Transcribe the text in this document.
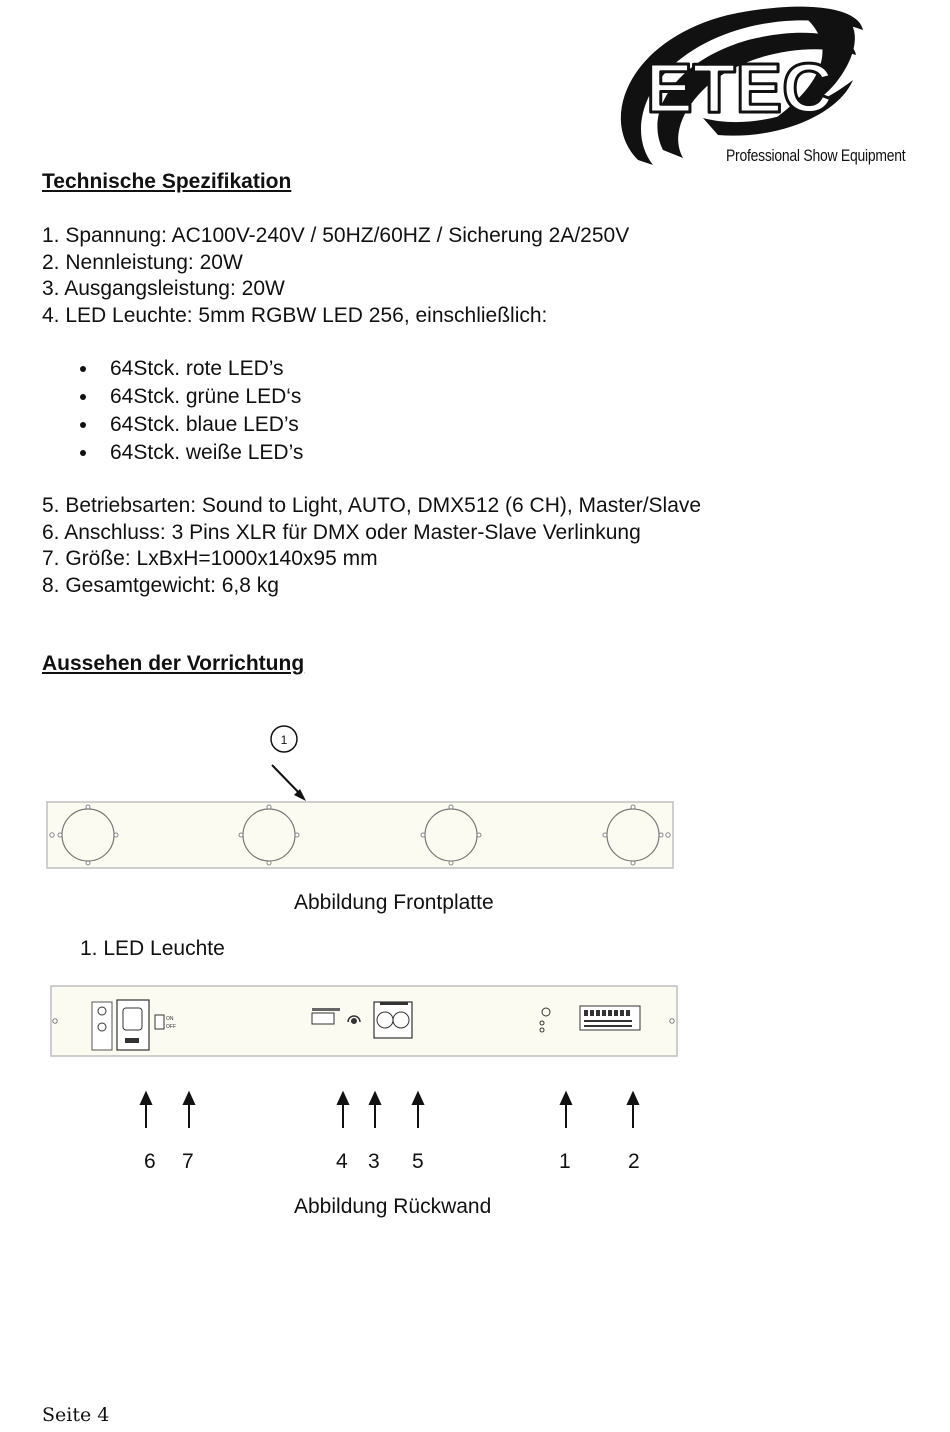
ETEC
Professional Show Equipment
Technische Spezifikation
1. Spannung: AC100V-240V / 50HZ/60HZ / Sicherung 2A/250V
2. Nennleistung: 20W
3. Ausgangsleistung: 20W
4. LED Leuchte: 5mm RGBW LED 256, einschließlich:
64Stck. rote LED’s
64Stck. grüne LED‘s
64Stck. blaue LED’s
64Stck. weiße LED’s
5. Betriebsarten: Sound to Light, AUTO, DMX512 (6 CH), Master/Slave
6. Anschluss: 3 Pins XLR für DMX oder Master-Slave Verlinkung
7. Größe: LxBxH=1000x140x95 mm
8. Gesamtgewicht: 6,8 kg
Aussehen der Vorrichtung
1
Abbildung Frontplatte
1. LED Leuchte
ON
OFF
6 7	4 3 5	1	2
Abbildung Rückwand
Seite 4
